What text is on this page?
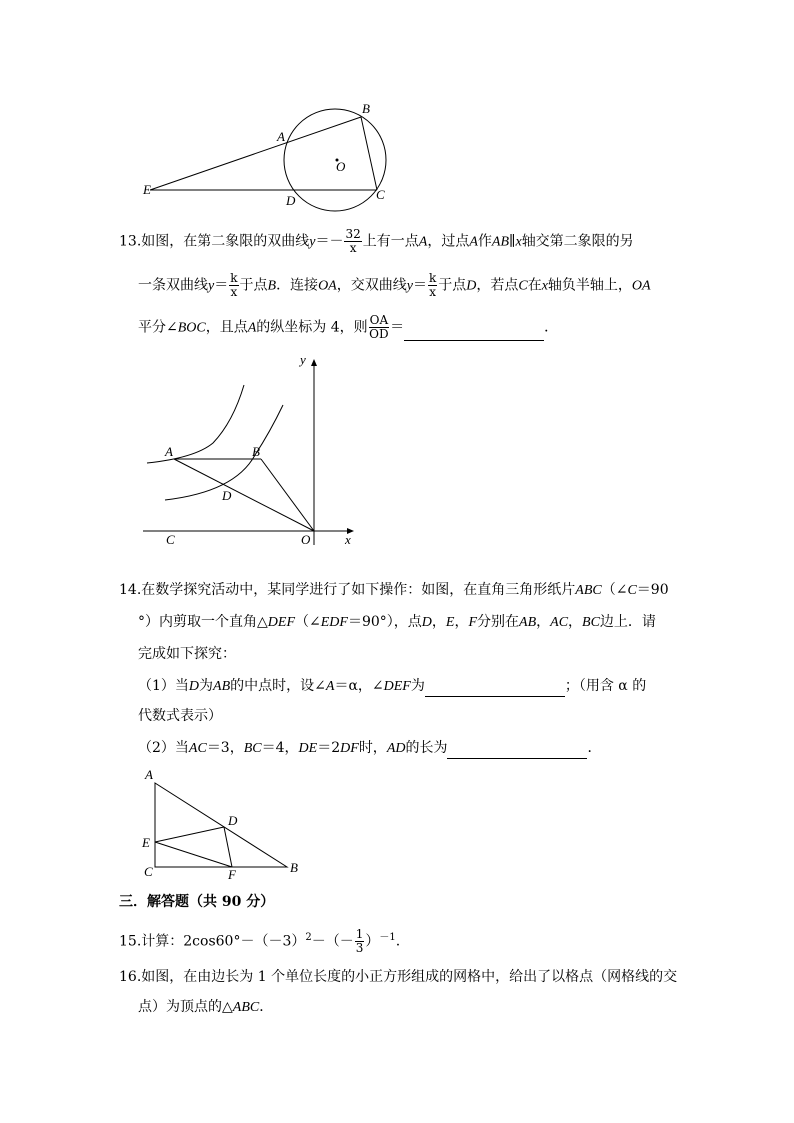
A
B
O
E
D	C
13.如图，在第二象限的双曲线$y=- \frac{32}{x}$ 上有一点A，过点A作AB∥x轴交第二象限的另
一条双曲线$y= \frac{k}{x}$ 于点B．连接OA，交双曲线$y= \frac{k}{x}$ 于点D，若点C在x轴负半轴上，OA
平分∠BOC，且点A的纵坐标为 4，则 $\frac{OA}{OD}$ ＝	．
y
A	B
D
C	O	x
14.在数学探究活动中，某同学进行了如下操作：如图，在直角三角形纸片ABC（∠C＝90
°）内剪取一个直角△DEF（∠EDF＝90°），点D，E，F分别在AB，AC，BC边上．请
完成如下探究：
（1）当D为AB的中点时，设∠A＝α，∠DEF为	；（用含 α 的
代数式表示）
（2）当AC＝3，BC＝4，DE＝2DF时，AD的长为	．
A
D
E
C	F	B
三．解答题（共 90 分）
15.计算：$2\cos 60^\circ-(-3)^2-(- \frac{1}{3} )^{-1}$.
16.如图，在由边长为 1 个单位长度的小正方形组成的网格中，给出了以格点（网格线的交
点）为顶点的△ABC．
